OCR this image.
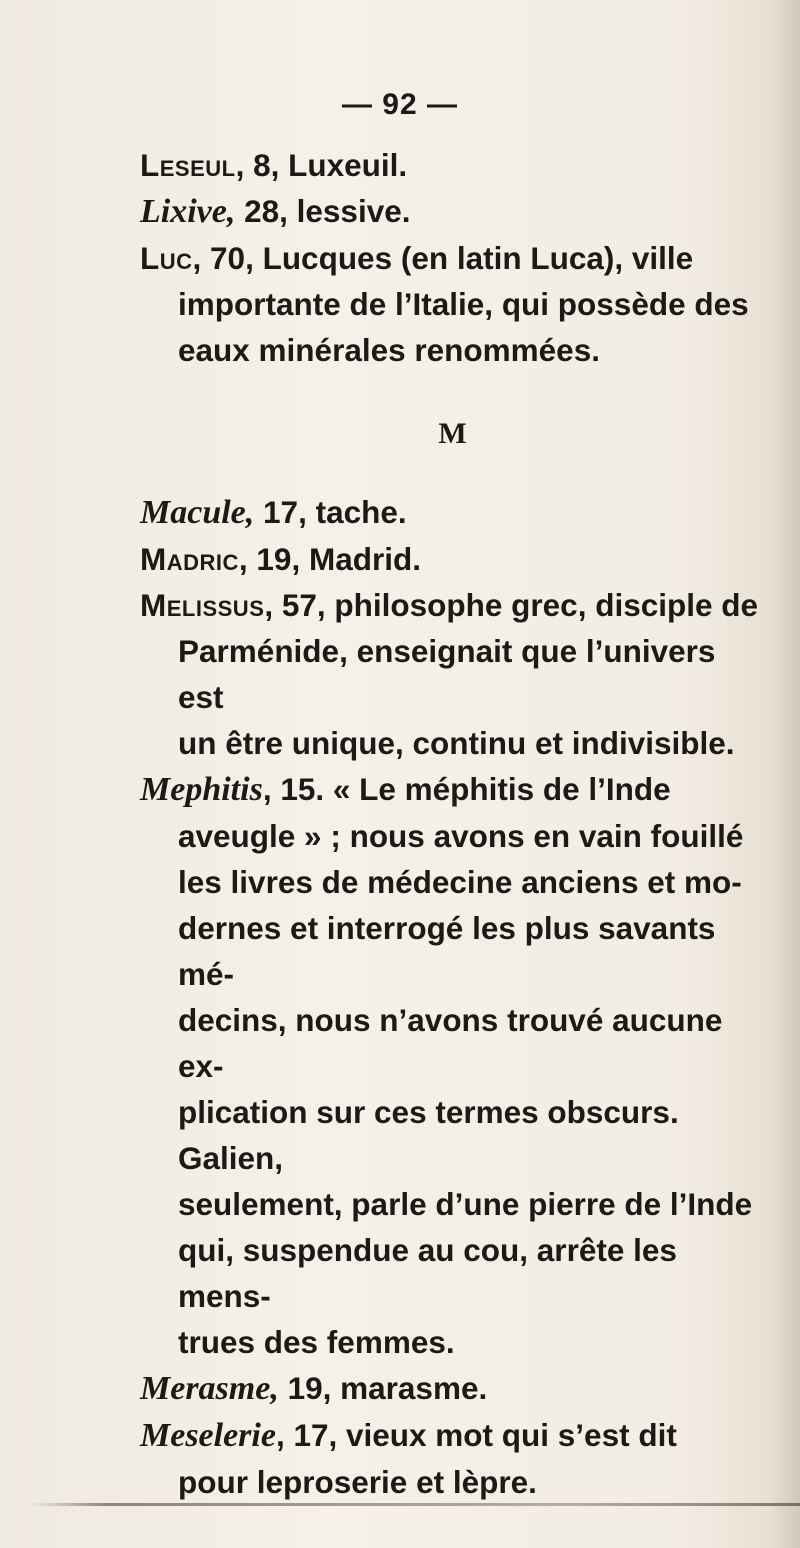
— 92 —

Leseul, 8, Luxeuil.

Lixive, 28, lessive.

Luc, 70, Lucques (en latin Luca), ville
importante de l’Italie, qui possède des
eaux minérales renommées.

M

Macule, 17, tache.

Madric, 19, Madrid.

Melissus, 57, philosophe grec, disciple de
Parménide, enseignait que l’univers est
un être unique, continu et indivisible.

Mephitis, 15. « Le méphitis de l’Inde
aveugle » ; nous avons en vain fouillé
les livres de médecine anciens et mo-
dernes et interrogé les plus savants mé-
decins, nous n’avons trouvé aucune ex-
plication sur ces termes obscurs. Galien,
seulement, parle d’une pierre de l’Inde
qui, suspendue au cou, arrête les mens-
trues des femmes.

Merasme, 19, marasme.

Meselerie, 17, vieux mot qui s’est dit
pour leproserie et lèpre.
